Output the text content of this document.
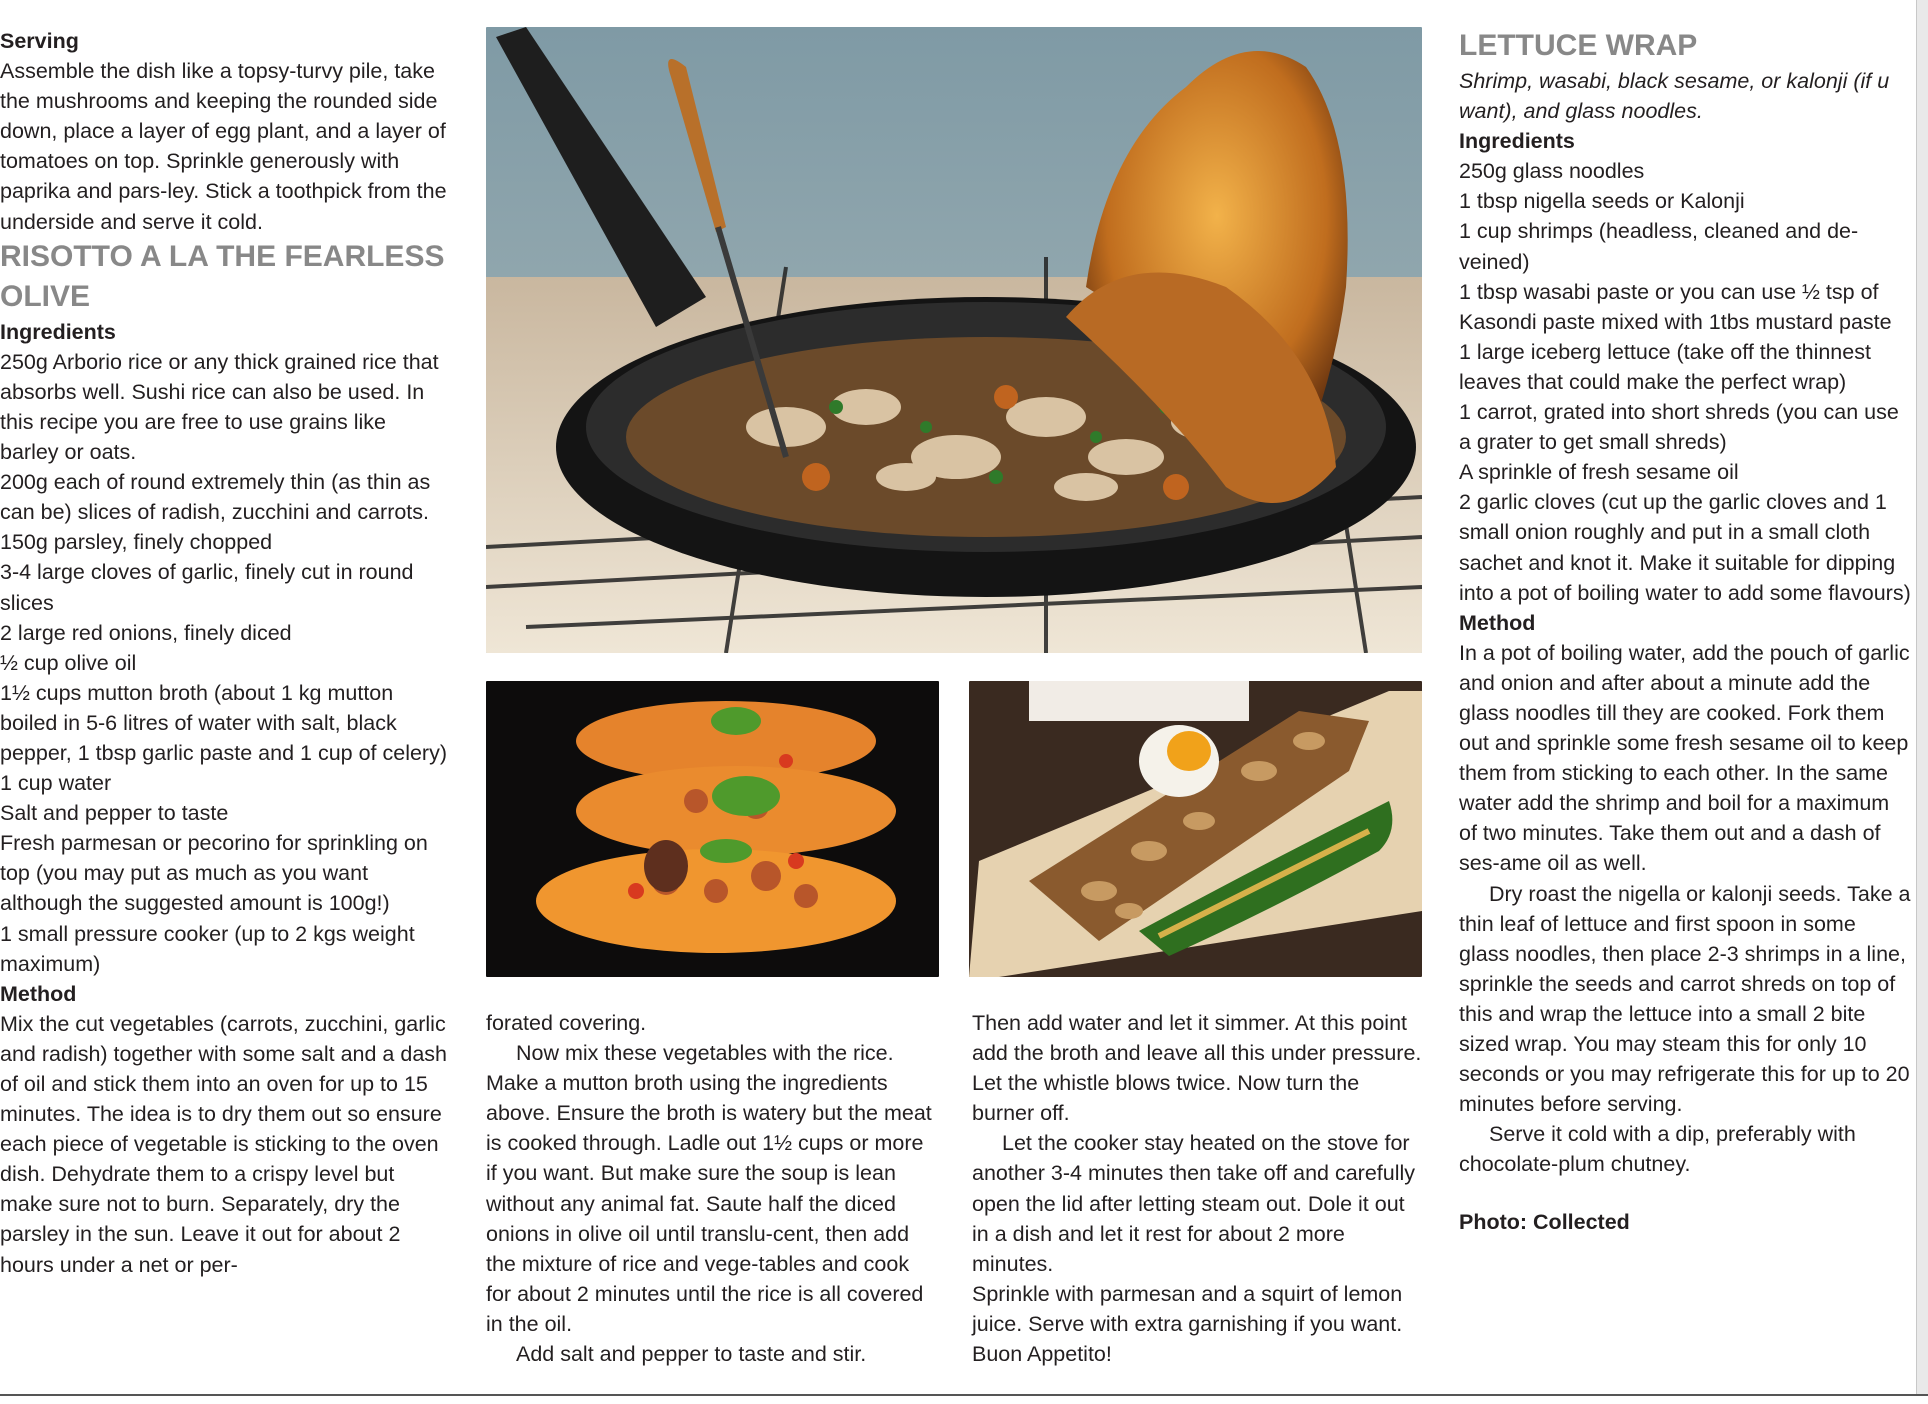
Serving

Assemble the dish like a topsy-turvy pile, take the mushrooms and keeping the rounded side down, place a layer of egg plant, and a layer of tomatoes on top. Sprinkle generously with paprika and pars-ley. Stick a toothpick from the underside and serve it cold.

RISOTTO A LA THE FEARLESS OLIVE

Ingredients

250g Arborio rice or any thick grained rice that absorbs well. Sushi rice can also be used. In this recipe you are free to use grains like barley or oats.

200g each of round extremely thin (as thin as can be) slices of radish, zucchini and carrots.

150g parsley, finely chopped

3-4 large cloves of garlic, finely cut in round slices

2 large red onions, finely diced

½ cup olive oil

1½ cups mutton broth (about 1 kg mutton boiled in 5-6 litres of water with salt, black pepper, 1 tbsp garlic paste and 1 cup of celery)

1 cup water

Salt and pepper to taste

Fresh parmesan or pecorino for sprinkling on top (you may put as much as you want although the suggested amount is 100g!)

1 small pressure cooker (up to 2 kgs weight maximum)

Method

Mix the cut vegetables (carrots, zucchini, garlic and radish) together with some salt and a dash of oil and stick them into an oven for up to 15 minutes. The idea is to dry them out so ensure each piece of vegetable is sticking to the oven dish. Dehydrate them to a crispy level but make sure not to burn. Separately, dry the parsley in the sun. Leave it out for about 2 hours under a net or per-

forated covering.

Now mix these vegetables with the rice. Make a mutton broth using the ingredients above. Ensure the broth is watery but the meat is cooked through. Ladle out 1½ cups or more if you want. But make sure the soup is lean without any animal fat. Saute half the diced onions in olive oil until translu-cent, then add the mixture of rice and vege-tables and cook for about 2 minutes until the rice is all covered in the oil.

Add salt and pepper to taste and stir.

Then add water and let it simmer. At this point add the broth and leave all this under pressure. Let the whistle blows twice. Now turn the burner off.

Let the cooker stay heated on the stove for another 3-4 minutes then take off and carefully open the lid after letting steam out. Dole it out in a dish and let it rest for about 2 more minutes.

Sprinkle with parmesan and a squirt of lemon juice. Serve with extra garnishing if you want. Buon Appetito!

LETTUCE WRAP

Shrimp, wasabi, black sesame, or kalonji (if u want), and glass noodles.

Ingredients

250g glass noodles

1 tbsp nigella seeds or Kalonji

1 cup shrimps (headless, cleaned and de-veined)

1 tbsp wasabi paste or you can use ½ tsp of Kasondi paste mixed with 1tbs mustard paste

1 large iceberg lettuce (take off the thinnest leaves that could make the perfect wrap)

1 carrot, grated into short shreds (you can use a grater to get small shreds)

A sprinkle of fresh sesame oil

2 garlic cloves (cut up the garlic cloves and 1 small onion roughly and put in a small cloth sachet and knot it. Make it suitable for dipping into a pot of boiling water to add some flavours)

Method

In a pot of boiling water, add the pouch of garlic and onion and after about a minute add the glass noodles till they are cooked. Fork them out and sprinkle some fresh sesame oil to keep them from sticking to each other. In the same water add the shrimp and boil for a maximum of two minutes. Take them out and a dash of ses-ame oil as well.

Dry roast the nigella or kalonji seeds. Take a thin leaf of lettuce and first spoon in some glass noodles, then place 2-3 shrimps in a line, sprinkle the seeds and carrot shreds on top of this and wrap the lettuce into a small 2 bite sized wrap. You may steam this for only 10 seconds or you may refrigerate this for up to 20 minutes before serving.

Serve it cold with a dip, preferably with chocolate-plum chutney.

Photo: Collected
